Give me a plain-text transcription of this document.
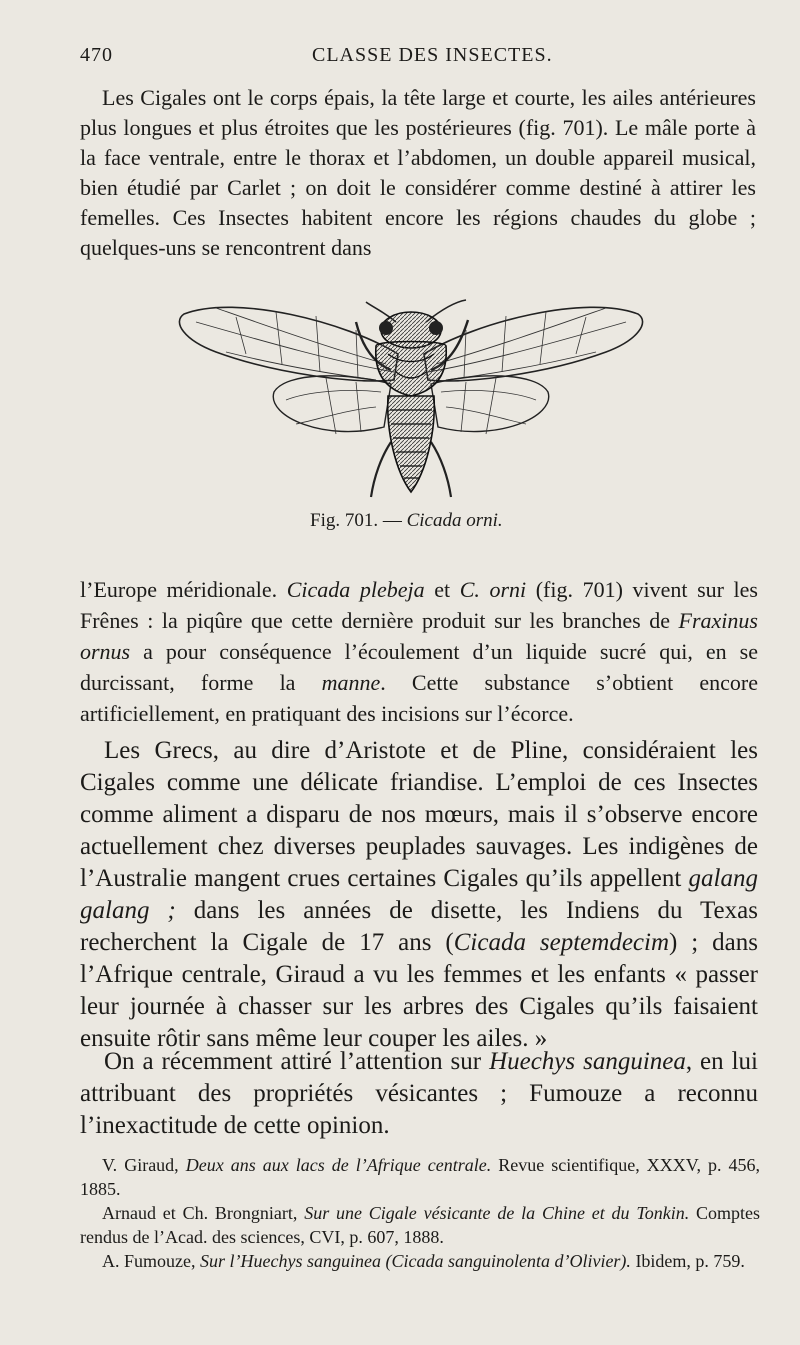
470	CLASSE DES INSECTES.

Les Cigales ont le corps épais, la tête large et courte, les ailes antérieures plus longues et plus étroites que les postérieures (fig. 701). Le mâle porte à la face ventrale, entre le thorax et l’abdomen, un double appareil musical, bien étudié par Carlet ; on doit le considérer comme destiné à attirer les femelles. Ces Insectes habitent encore les régions chaudes du globe ; quelques-uns se rencontrent dans

Fig. 701. — Cicada orni.

l’Europe méridionale. Cicada plebeja et C. orni (fig. 701) vivent sur les Frênes : la piqûre que cette dernière produit sur les branches de Fraxinus ornus a pour conséquence l’écoulement d’un liquide sucré qui, en se durcissant, forme la manne. Cette substance s’obtient encore artificiellement, en pratiquant des incisions sur l’écorce.

Les Grecs, au dire d’Aristote et de Pline, considéraient les Cigales comme une délicate friandise. L’emploi de ces Insectes comme aliment a disparu de nos mœurs, mais il s’observe encore actuellement chez diverses peuplades sauvages. Les indigènes de l’Australie mangent crues certaines Cigales qu’ils appellent galang galang ; dans les années de disette, les Indiens du Texas recherchent la Cigale de 17 ans (Cicada septemdecim) ; dans l’Afrique centrale, Giraud a vu les femmes et les enfants « passer leur journée à chasser sur les arbres des Cigales qu’ils faisaient ensuite rôtir sans même leur couper les ailes. »

On a récemment attiré l’attention sur Huechys sanguinea, en lui attribuant des propriétés vésicantes ; Fumouze a reconnu l’inexactitude de cette opinion.

V. Giraud, Deux ans aux lacs de l’Afrique centrale. Revue scientifique, XXXV, p. 456, 1885.

Arnaud et Ch. Brongniart, Sur une Cigale vésicante de la Chine et du Tonkin. Comptes rendus de l’Acad. des sciences, CVI, p. 607, 1888.

A. Fumouze, Sur l’Huechys sanguinea (Cicada sanguinolenta d’Olivier). Ibidem, p. 759.
